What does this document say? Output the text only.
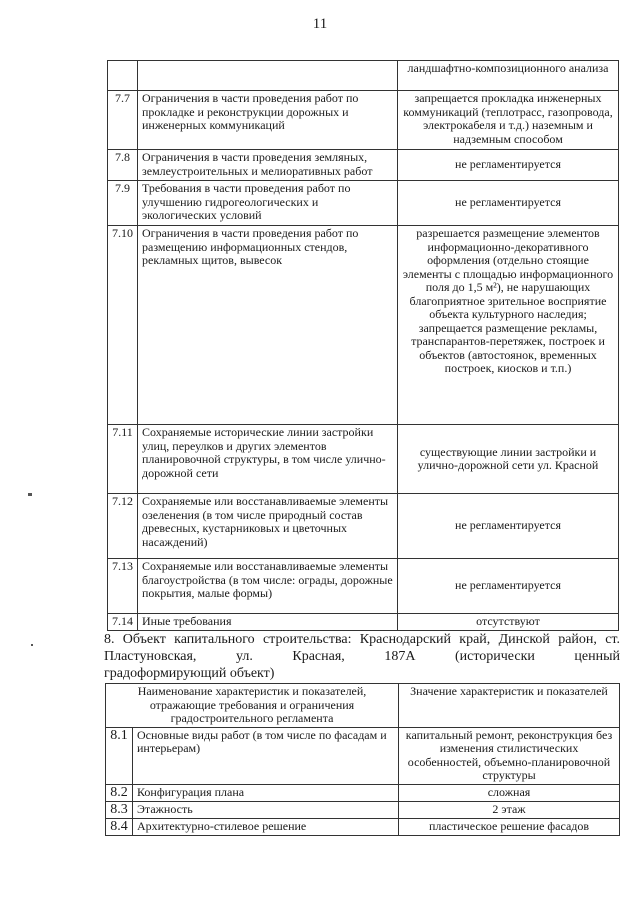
11
		ландшафтно-композиционного анализа
7.7	Ограничения в части проведения работ по прокладке и реконструкции дорожных и инженерных коммуникаций	запрещается прокладка инженерных коммуникаций (теплотрасс, газопровода, электрокабеля и т.д.) наземным и надземным способом
7.8	Ограничения в части проведения земляных, землеустроительных и мелиоративных работ	не регламентируется
7.9	Требования в части проведения работ по улучшению гидрогеологических и экологических условий	не регламентируется
7.10	Ограничения в части проведения работ по размещению информационных стендов, рекламных щитов, вывесок	разрешается размещение элементов информационно-декоративного оформления (отдельно стоящие элементы с площадью информационного поля до 1,5 м²), не нарушающих благоприятное зрительное восприятие объекта культурного наследия; запрещается размещение рекламы, транспарантов-перетяжек, построек и объектов (автостоянок, временных построек, киосков и т.п.)
7.11	Сохраняемые исторические линии застройки улиц, переулков и других элементов планировочной структуры, в том числе улично-дорожной сети	существующие линии застройки и улично-дорожной сети ул. Красной
7.12	Сохраняемые или восстанавливаемые элементы озеленения (в том числе природный состав древесных, кустарниковых и цветочных насаждений)	не регламентируется
7.13	Сохраняемые или восстанавливаемые элементы благоустройства (в том числе: ограды, дорожные покрытия, малые формы)	не регламентируется
7.14	Иные требования	отсутствуют
8. Объект капитального строительства: Краснодарский край, Динской район, ст. Пластуновская, ул. Красная, 187А (исторически ценный
градоформирующий объект)
Наименование характеристик и показателей, отражающие требования и ограничения градостроительного регламента		Значение характеристик и показателей
8.1	Основные виды работ (в том числе по фасадам и интерьерам)	капитальный ремонт, реконструкция без изменения стилистических особенностей, объемно-планировочной структуры
8.2	Конфигурация плана	сложная
8.3	Этажность	2 этаж
8.4	Архитектурно-стилевое решение	пластическое решение фасадов
